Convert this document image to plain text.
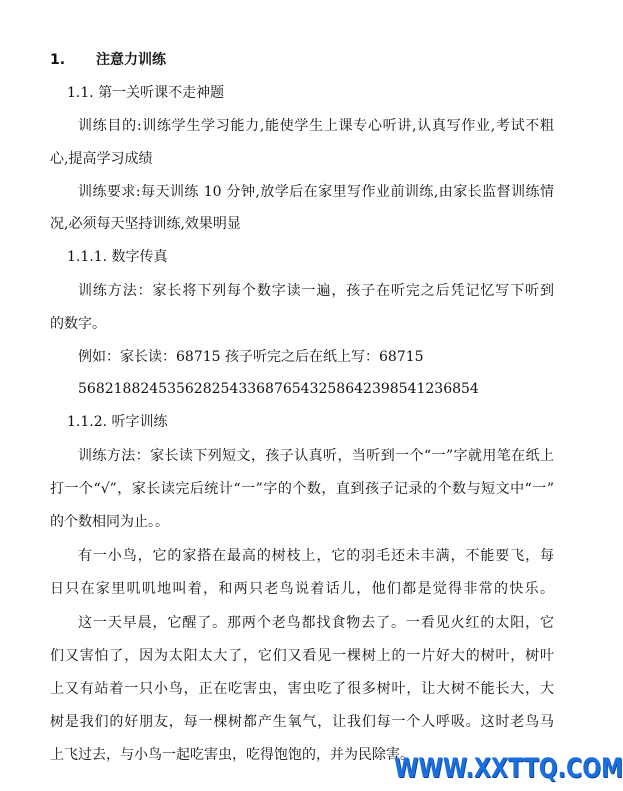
1. 注意力训练
1.1. 第一关听课不走神题
训练目的:训练学生学习能力,能使学生上课专心听讲,认真写作业,考试不粗
心,提高学习成绩
训练要求:每天训练 10 分钟,放学后在家里写作业前训练,由家长监督训练情
况,必须每天坚持训练,效果明显
1.1.1. 数字传真
训练方法：家长将下列每个数字读一遍，孩子在听完之后凭记忆写下听到
的数字。
例如：家长读：68715 孩子听完之后在纸上写：68715
568218824535628254336876543258642398541236854
1.1.2. 听字训练
训练方法：家长读下列短文，孩子认真听，当听到一个“一”字就用笔在纸上
打一个“√”，家长读完后统计“一”字的个数，直到孩子记录的个数与短文中“一”
的个数相同为止。。
有一小鸟，它的家搭在最高的树枝上，它的羽毛还未丰满，不能要飞，每
日只在家里叽叽地叫着，和两只老鸟说着话儿，他们都是觉得非常的快乐。
这一天早晨，它醒了。那两个老鸟都找食物去了。一看见火红的太阳，它
们又害怕了，因为太阳太大了，它们又看见一棵树上的一片好大的树叶，树叶
上又有站着一只小鸟，正在吃害虫，害虫吃了很多树叶，让大树不能长大，大
树是我们的好朋友，每一棵树都产生氧气，让我们每一个人呼吸。这时老鸟马
上飞过去，与小鸟一起吃害虫，吃得饱饱的，并为民除害。
WWW.XXTTQ.COM
